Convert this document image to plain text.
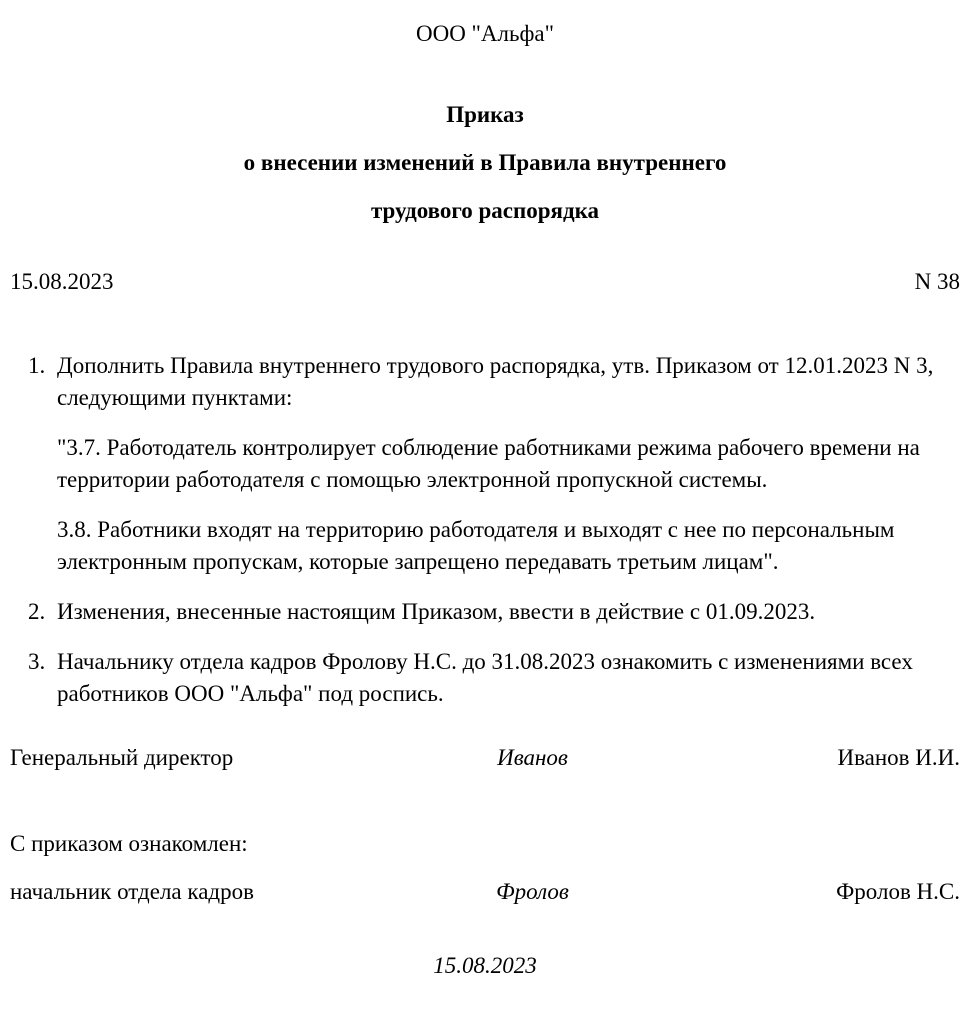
ООО "Альфа"
Приказ
о внесении изменений в Правила внутреннего
трудового распорядка
15.08.2023	N 38
1. Дополнить Правила внутреннего трудового распорядка, утв. Приказом от 12.01.2023 N 3, следующими пунктами:
"3.7. Работодатель контролирует соблюдение работниками режима рабочего времени на территории работодателя с помощью электронной пропускной системы.
3.8. Работники входят на территорию работодателя и выходят с нее по персональным электронным пропускам, которые запрещено передавать третьим лицам".
2. Изменения, внесенные настоящим Приказом, ввести в действие с 01.09.2023.
3. Начальнику отдела кадров Фролову Н.С. до 31.08.2023 ознакомить с изменениями всех работников ООО "Альфа" под роспись.
Генеральный директор	Иванов	Иванов И.И.
С приказом ознакомлен:
начальник отдела кадров	Фролов	Фролов Н.С.
15.08.2023
